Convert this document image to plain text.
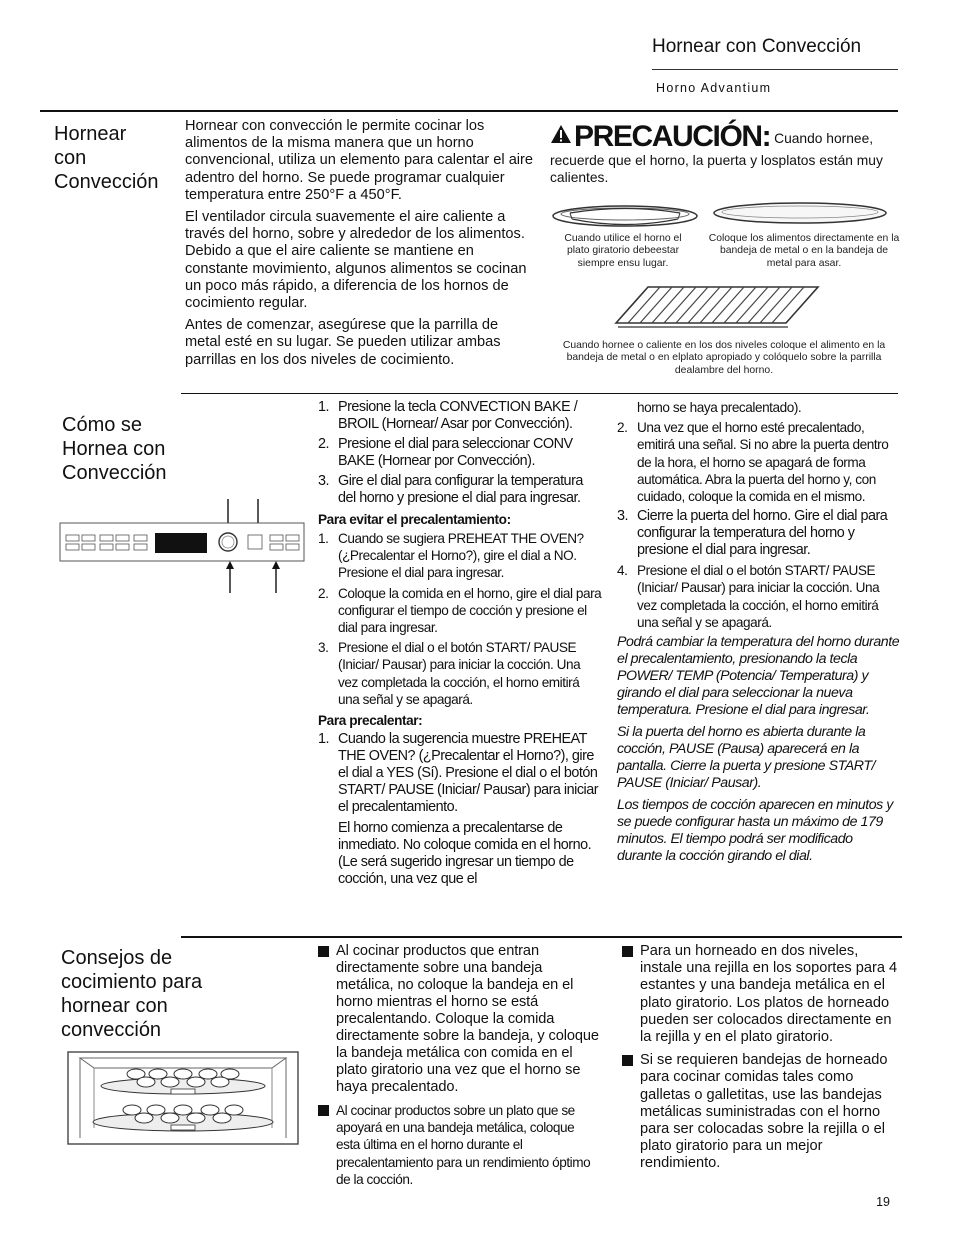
Hornear con Convección
Horno Advantium
Hornear
con
Convección

Hornear con convección le permite cocinar los alimentos de la misma manera que un horno convencional, utiliza un elemento para calentar el aire adentro del horno. Se puede programar cualquier temperatura entre 250°F a 450°F.

El ventilador circula suavemente el aire caliente a través del horno, sobre y alrededor de los alimentos. Debido a que el aire caliente se mantiene en constante movimiento, algunos alimentos se cocinan un poco más rápido, a diferencia de los hornos de cocimiento regular.

Antes de comenzar, asegúrese que la parrilla de metal esté en su lugar. Se pueden utilizar ambas parrillas en los dos niveles de cocimiento.

PRECAUCIÓN: Cuando hornee,
recuerde que el horno, la puerta y losplatos están muy calientes.
Cuando utilice el horno el plato giratorio debeestar siempre ensu lugar.
Coloque los alimentos directamente en la bandeja de metal o en la bandeja de metal para asar.
Cuando hornee o caliente en los dos niveles coloque el alimento en la bandeja de metal o en elplato apropiado y colóquelo sobre la parrilla dealambre del horno.
Cómo se
Hornea con
Convección
1. Presione la tecla CONVECTION BAKE / BROIL (Hornear/ Asar por Convección).
2. Presione el dial para seleccionar CONV BAKE (Hornear por Convección).
3. Gire el dial para configurar la temperatura del horno y presione el dial para ingresar.
Para evitar el precalentamiento:
1. Cuando se sugiera PREHEAT THE OVEN? (¿Precalentar el Horno?), gire el dial a NO. Presione el dial para ingresar.
2. Coloque la comida en el horno, gire el dial para configurar el tiempo de cocción y presione el dial para ingresar.
3. Presione el dial o el botón START/ PAUSE (Iniciar/ Pausar) para iniciar la cocción. Una vez completada la cocción, el horno emitirá una señal y se apagará.
Para precalentar:
1. Cuando la sugerencia muestre PREHEAT THE OVEN? (¿Precalentar el Horno?), gire el dial a YES (Sí). Presione el dial o el botón START/ PAUSE (Iniciar/ Pausar) para iniciar el precalentamiento.
El horno comienza a precalentarse de inmediato. No coloque comida en el horno. (Le será sugerido ingresar un tiempo de cocción, una vez que el
horno se haya precalentado).
2. Una vez que el horno esté precalentado, emitirá una señal. Si no abre la puerta dentro de la hora, el horno se apagará de forma automática. Abra la puerta del horno y, con cuidado, coloque la comida en el mismo.
3. Cierre la puerta del horno. Gire el dial para configurar la temperatura del horno y presione el dial para ingresar.
4. Presione el dial o el botón START/ PAUSE (Iniciar/ Pausar) para iniciar la cocción. Una vez completada la cocción, el horno emitirá una señal y se apagará.

Podrá cambiar la temperatura del horno durante el precalentamiento, presionando la tecla POWER/ TEMP (Potencia/ Temperatura) y girando el dial para seleccionar la nueva temperatura. Presione el dial para ingresar.

Si la puerta del horno es abierta durante la cocción, PAUSE (Pausa) aparecerá en la pantalla. Cierre la puerta y presione START/ PAUSE (Iniciar/ Pausar).

Los tiempos de cocción aparecen en minutos y se puede configurar hasta un máximo de 179 minutos. El tiempo podrá ser modificado durante la cocción girando el dial.

Consejos de
cocimiento para
hornear con
convección
Al cocinar productos que entran directamente sobre una bandeja metálica, no coloque la bandeja en el horno mientras el horno se está precalentando. Coloque la comida directamente sobre la bandeja, y coloque la bandeja metálica con comida en el plato giratorio una vez que el horno se haya precalentado.
Al cocinar productos sobre un plato que se apoyará en una bandeja metálica, coloque esta última en el horno durante el precalentamiento para un rendimiento óptimo de la cocción.
Para un horneado en dos niveles, instale una rejilla en los soportes para 4 estantes y una bandeja metálica en el plato giratorio. Los platos de horneado pueden ser colocados directamente en la rejilla y en el plato giratorio.
Si se requieren bandejas de horneado para cocinar comidas tales como galletas o galletitas, use las bandejas metálicas suministradas con el horno para ser colocadas sobre la rejilla o el plato giratorio para un mejor rendimiento.
19
